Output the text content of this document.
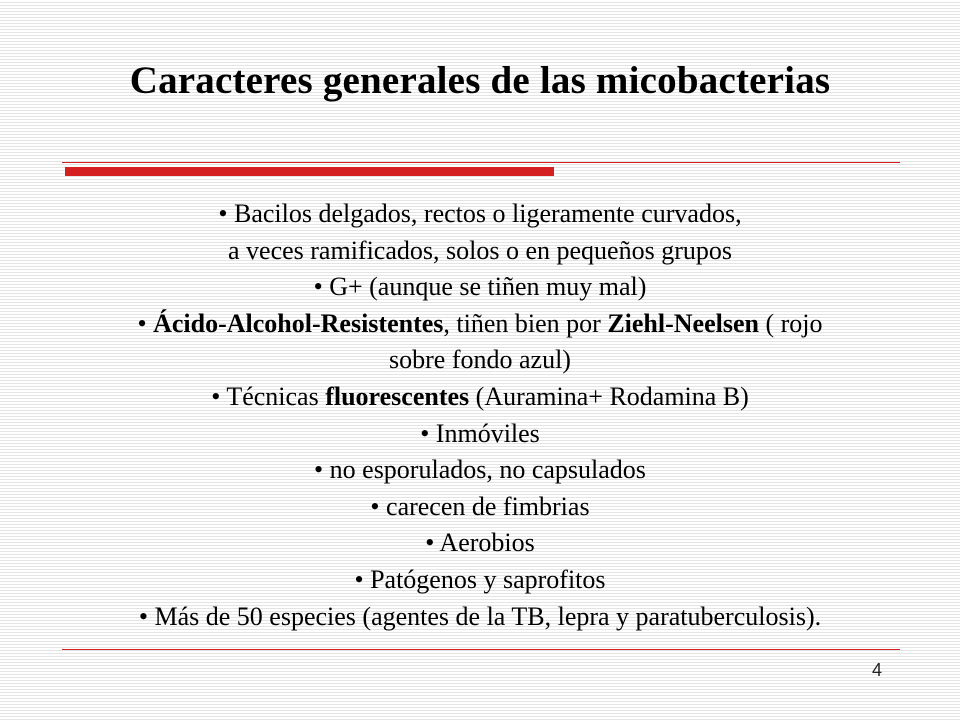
Caracteres generales de las micobacterias
• Bacilos delgados, rectos o ligeramente curvados,
a veces ramificados, solos o en pequeños grupos
• G+ (aunque se tiñen muy mal)
• Ácido-Alcohol-Resistentes, tiñen bien por Ziehl-Neelsen ( rojo
sobre fondo azul)
• Técnicas fluorescentes (Auramina+ Rodamina B)
• Inmóviles
• no esporulados, no capsulados
• carecen de fimbrias
• Aerobios
• Patógenos y saprofitos
• Más de 50 especies (agentes de la TB, lepra y paratuberculosis).
4
